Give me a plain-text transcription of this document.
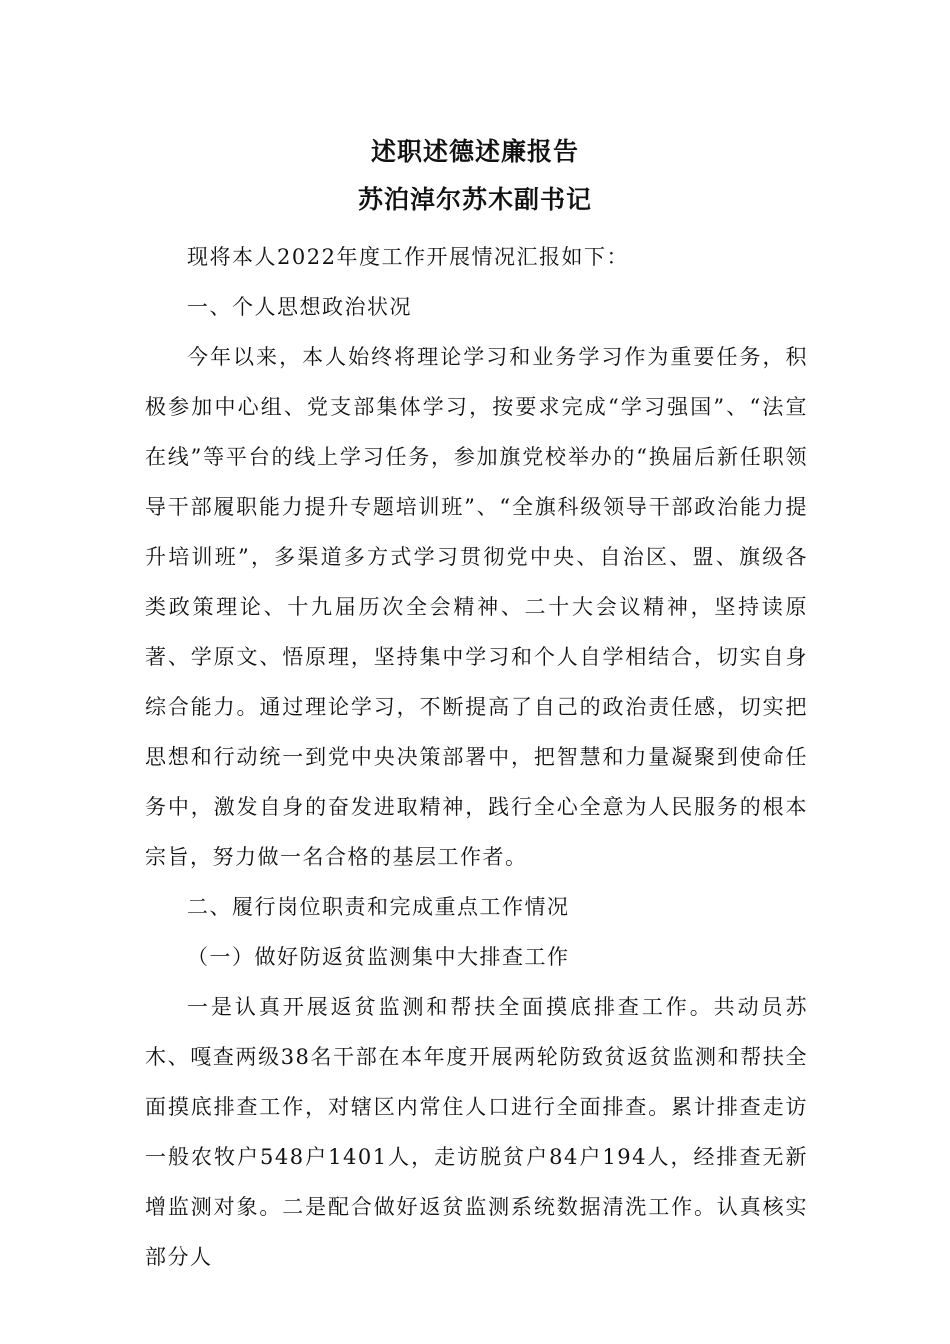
述职述德述廉报告
苏泊淖尔苏木副书记

现将本人2022年度工作开展情况汇报如下：

一、个人思想政治状况

今年以来，本人始终将理论学习和业务学习作为重要任务，积极参加中心组、党支部集体学习，按要求完成“学习强国”、“法宣在线”等平台的线上学习任务，参加旗党校举办的“换届后新任职领导干部履职能力提升专题培训班”、“全旗科级领导干部政治能力提升培训班”，多渠道多方式学习贯彻党中央、自治区、盟、旗级各类政策理论、十九届历次全会精神、二十大会议精神，坚持读原著、学原文、悟原理，坚持集中学习和个人自学相结合，切实自身综合能力。通过理论学习，不断提高了自己的政治责任感，切实把思想和行动统一到党中央决策部署中，把智慧和力量凝聚到使命任务中，激发自身的奋发进取精神，践行全心全意为人民服务的根本宗旨，努力做一名合格的基层工作者。

二、履行岗位职责和完成重点工作情况

（一）做好防返贫监测集中大排查工作

一是认真开展返贫监测和帮扶全面摸底排查工作。共动员苏木、嘎查两级38名干部在本年度开展两轮防致贫返贫监测和帮扶全面摸底排查工作，对辖区内常住人口进行全面排查。累计排查走访一般农牧户548户1401人，走访脱贫户84户194人，经排查无新增监测对象。二是配合做好返贫监测系统数据清洗工作。认真核实部分人
